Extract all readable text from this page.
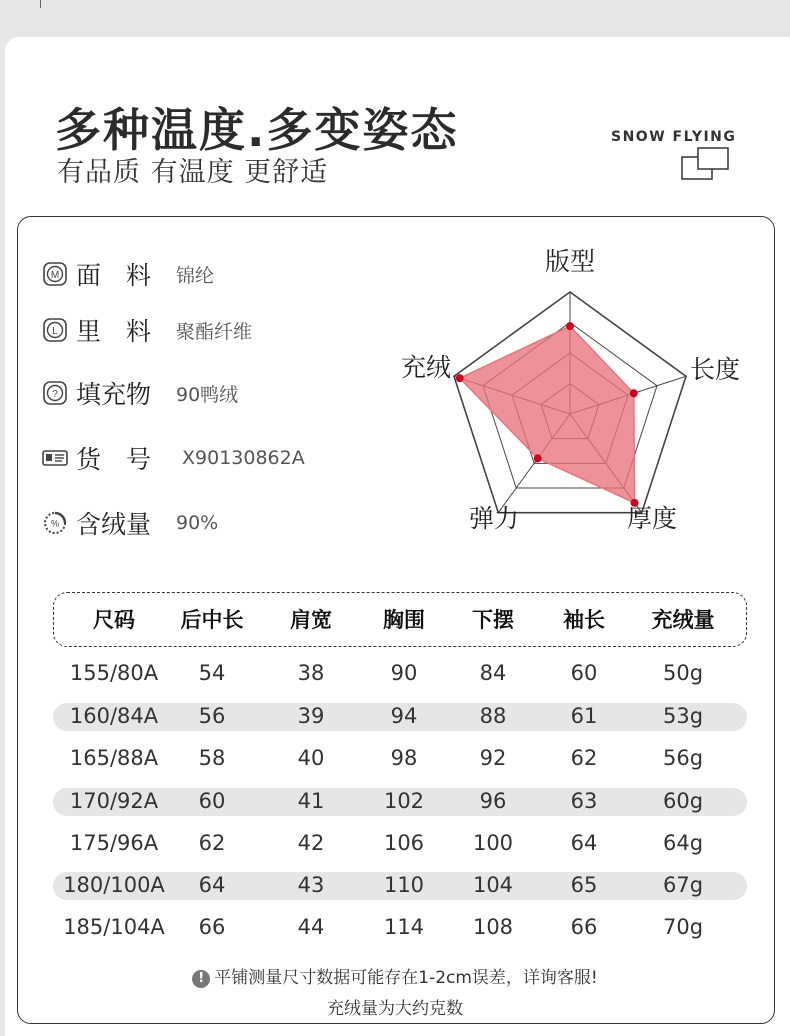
多种温度.多变姿态
有品质 有温度 更舒适
SNOW FLYING
M 面　料	锦纶
L 里　料	聚酯纤维
? 填充物	90鸭绒
货　号	X90130862A
% 含绒量	90%
版型
长度
厚度
弹力
充绒
尺码 后中长 肩宽 胸围 下摆 袖长 充绒量
155/80A 54	38	90	84	60	50g
160/84A 56	39	94	88	61	53g
165/88A 58	40	98	92	62	56g
170/92A 60	41	102	96	63	60g
175/96A 62	42	106 100	64	64g
180/100A 64	43	110 104	65	67g
185/104A 66	44	114 108	66	70g
! 平铺测量尺寸数据可能存在1-2cm误差，详询客服!
充绒量为大约克数
